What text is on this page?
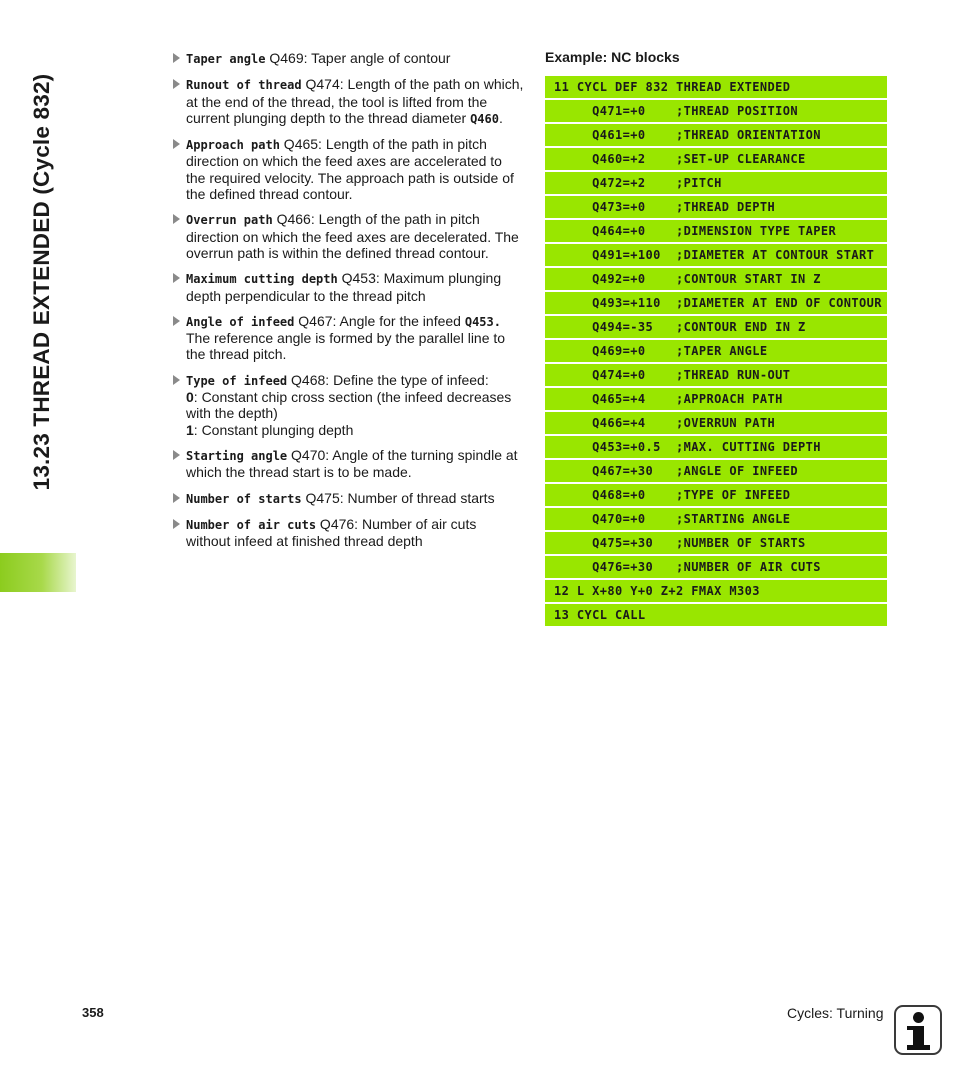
13.23 THREAD EXTENDED (Cycle 832)
Taper angle Q469: Taper angle of contour
Runout of thread Q474: Length of the path on which, at the end of the thread, the tool is lifted from the current plunging depth to the thread diameter Q460.
Approach path Q465: Length of the path in pitch direction on which the feed axes are accelerated to the required velocity. The approach path is outside of the defined thread contour.
Overrun path Q466: Length of the path in pitch direction on which the feed axes are decelerated. The overrun path is within the defined thread contour.
Maximum cutting depth Q453: Maximum plunging depth perpendicular to the thread pitch
Angle of infeed Q467: Angle for the infeed Q453. The reference angle is formed by the parallel line to the thread pitch.
Type of infeed Q468: Define the type of infeed:
0: Constant chip cross section (the infeed decreases with the depth)
1: Constant plunging depth
Starting angle Q470: Angle of the turning spindle at which the thread start is to be made.
Number of starts Q475: Number of thread starts
Number of air cuts Q476: Number of air cuts without infeed at finished thread depth
Example: NC blocks
11 CYCL DEF 832 THREAD EXTENDED
Q471=+0    ;THREAD POSITION
Q461=+0    ;THREAD ORIENTATION
Q460=+2    ;SET-UP CLEARANCE
Q472=+2    ;PITCH
Q473=+0    ;THREAD DEPTH
Q464=+0    ;DIMENSION TYPE TAPER
Q491=+100  ;DIAMETER AT CONTOUR START
Q492=+0    ;CONTOUR START IN Z
Q493=+110  ;DIAMETER AT END OF CONTOUR
Q494=-35   ;CONTOUR END IN Z
Q469=+0    ;TAPER ANGLE
Q474=+0    ;THREAD RUN-OUT
Q465=+4    ;APPROACH PATH
Q466=+4    ;OVERRUN PATH
Q453=+0.5  ;MAX. CUTTING DEPTH
Q467=+30   ;ANGLE OF INFEED
Q468=+0    ;TYPE OF INFEED
Q470=+0    ;STARTING ANGLE
Q475=+30   ;NUMBER OF STARTS
Q476=+30   ;NUMBER OF AIR CUTS
12 L X+80 Y+0 Z+2 FMAX M303
13 CYCL CALL
358	Cycles: Turning
